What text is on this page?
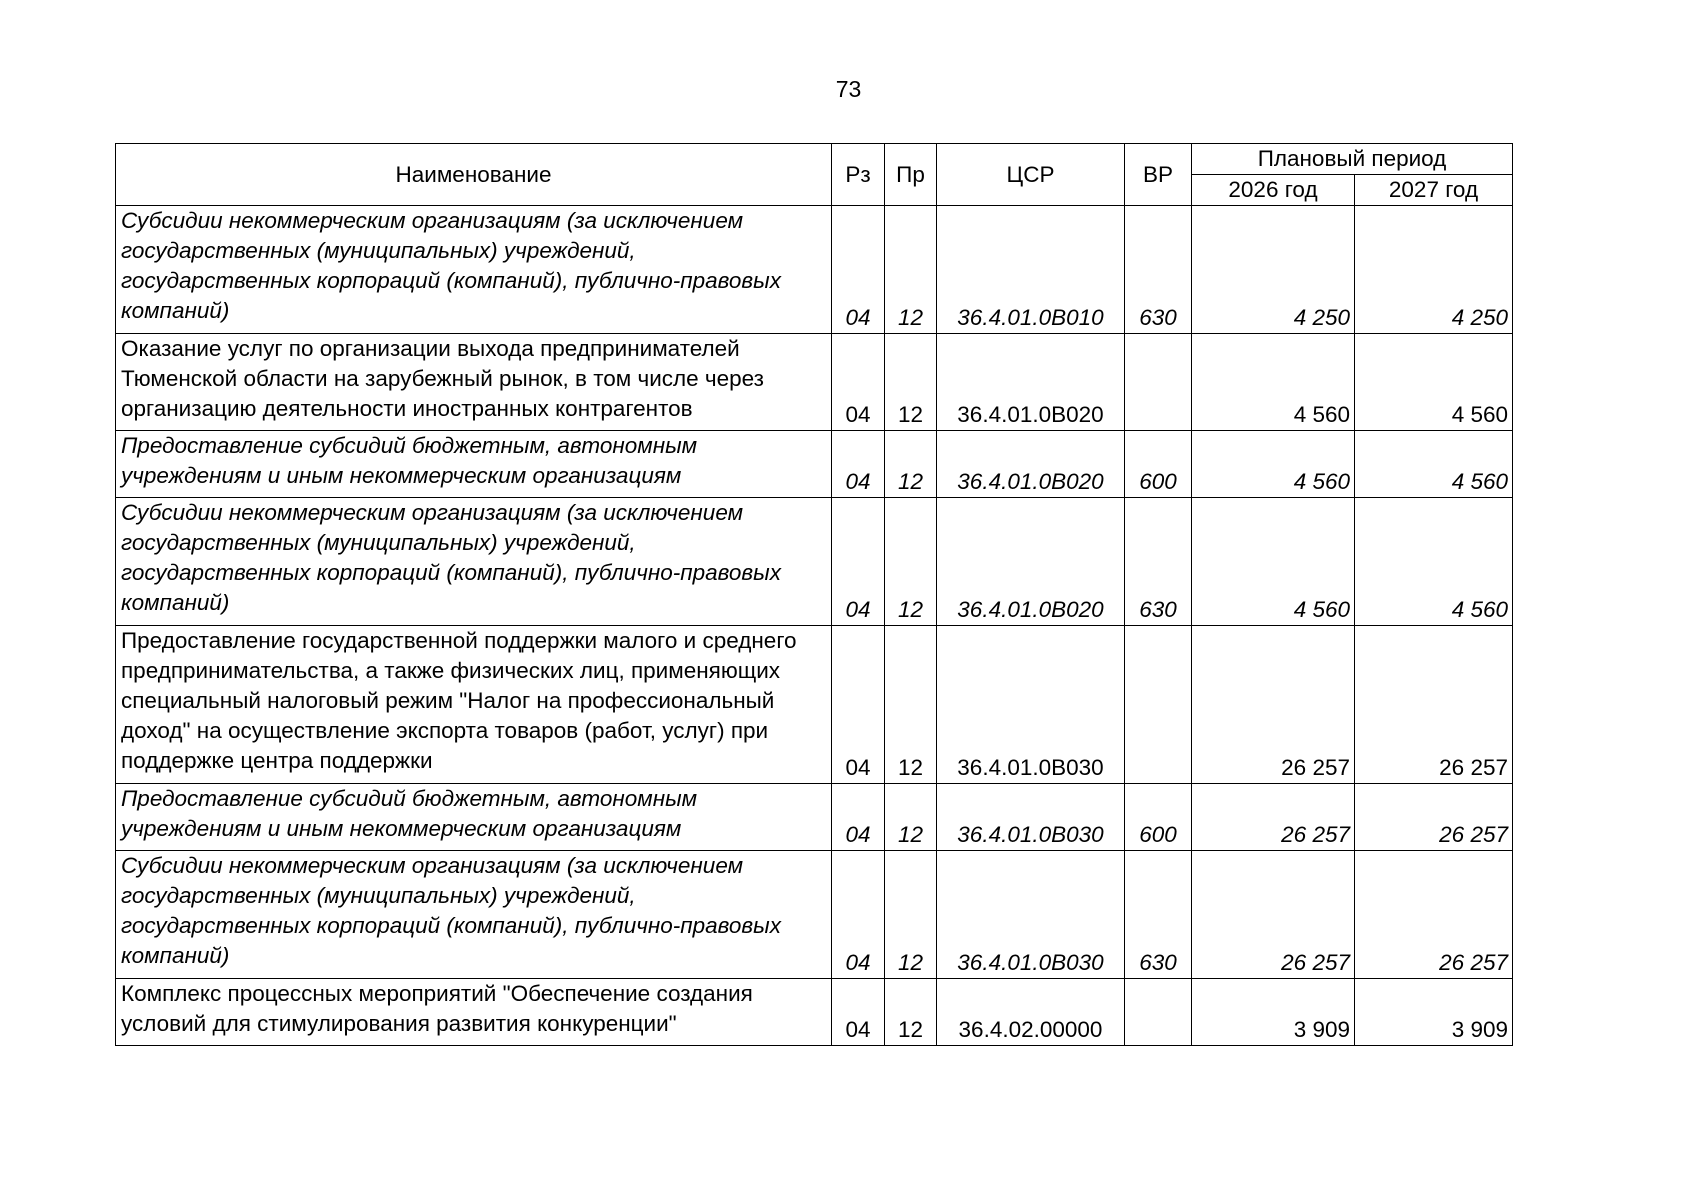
73
Наименование	Рз	Пр	ЦСР	ВР	Плановый период	
					2026 год	2027 год
Субсидии некоммерческим организациям (за исключением государственных (муниципальных) учреждений, государственных корпораций (компаний), публично-правовых компаний)	04	12	36.4.01.0В010	630	4 250	4 250
Оказание услуг по организации выхода предпринимателей Тюменской области на зарубежный рынок, в том числе через организацию деятельности иностранных контрагентов	04	12	36.4.01.0В020		4 560	4 560
Предоставление субсидий бюджетным, автономным учреждениям и иным некоммерческим организациям	04	12	36.4.01.0В020	600	4 560	4 560
Субсидии некоммерческим организациям (за исключением государственных (муниципальных) учреждений, государственных корпораций (компаний), публично-правовых компаний)	04	12	36.4.01.0В020	630	4 560	4 560
Предоставление государственной поддержки малого и среднего предпринимательства, а также физических лиц, применяющих специальный налоговый режим "Налог на профессиональный доход" на осуществление экспорта товаров (работ, услуг) при поддержке центра поддержки	04	12	36.4.01.0В030		26 257	26 257
Предоставление субсидий бюджетным, автономным учреждениям и иным некоммерческим организациям	04	12	36.4.01.0В030	600	26 257	26 257
Субсидии некоммерческим организациям (за исключением государственных (муниципальных) учреждений, государственных корпораций (компаний), публично-правовых компаний)	04	12	36.4.01.0В030	630	26 257	26 257
Комплекс процессных мероприятий "Обеспечение создания условий для стимулирования развития конкуренции"	04	12	36.4.02.00000		3 909	3 909
